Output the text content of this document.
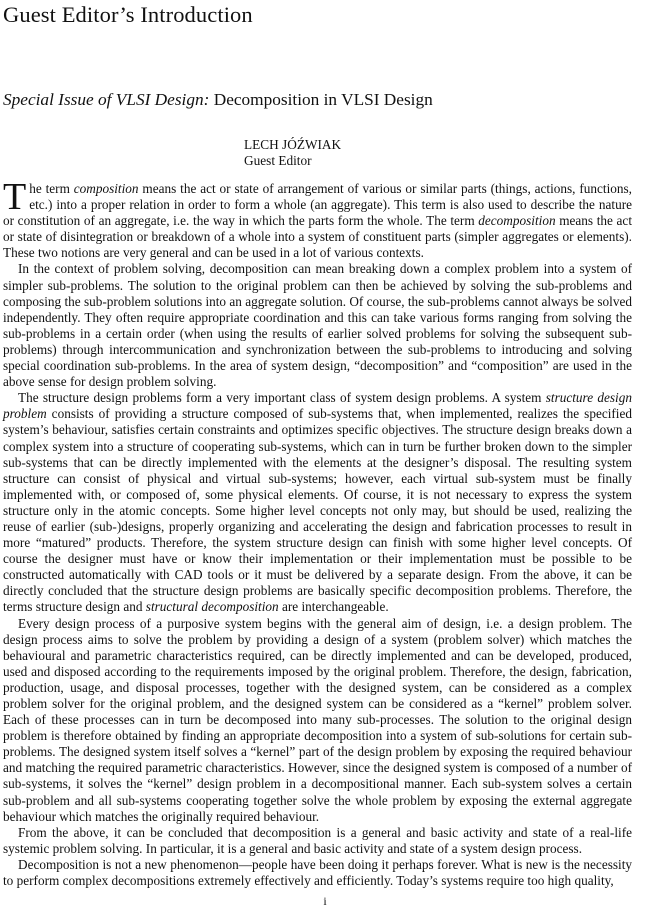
Guest Editor’s Introduction
Special Issue of VLSI Design: Decomposition in VLSI Design
LECH JÓŹWIAK
Guest Editor

The term composition means the act or state of arrangement of various or similar parts (things, actions, functions, etc.) into a proper relation in order to form a whole (an aggregate). This term is also used to describe the nature or constitution of an aggregate, i.e. the way in which the parts form the whole. The term decomposition means the act or state of disintegration or breakdown of a whole into a system of constituent parts (simpler aggregates or elements). These two notions are very general and can be used in a lot of various contexts.

In the context of problem solving, decomposition can mean breaking down a complex problem into a system of simpler sub-problems. The solution to the original problem can then be achieved by solving the sub-problems and composing the sub-problem solutions into an aggregate solution. Of course, the sub-problems cannot always be solved independently. They often require appropriate coordination and this can take various forms ranging from solving the sub-problems in a certain order (when using the results of earlier solved problems for solving the subsequent sub-problems) through intercommunication and synchronization between the sub-problems to introducing and solving special coordination sub-problems. In the area of system design, “decomposition” and “composition” are used in the above sense for design problem solving.

The structure design problems form a very important class of system design problems. A system structure design problem consists of providing a structure composed of sub-systems that, when implemented, realizes the specified system’s behaviour, satisfies certain constraints and optimizes specific objectives. The structure design breaks down a complex system into a structure of cooperating sub-systems, which can in turn be further broken down to the simpler sub-systems that can be directly implemented with the elements at the designer’s disposal. The resulting system structure can consist of physical and virtual sub-systems; however, each virtual sub-system must be finally implemented with, or composed of, some physical elements. Of course, it is not necessary to express the system structure only in the atomic concepts. Some higher level concepts not only may, but should be used, realizing the reuse of earlier (sub-)designs, properly organizing and accelerating the design and fabrication processes to result in more “matured” products. Therefore, the system structure design can finish with some higher level concepts. Of course the designer must have or know their implementation or their implementation must be possible to be constructed automatically with CAD tools or it must be delivered by a separate design. From the above, it can be directly concluded that the structure design problems are basically specific decomposition problems. Therefore, the terms structure design and structural decomposition are interchangeable.

Every design process of a purposive system begins with the general aim of design, i.e. a design problem. The design process aims to solve the problem by providing a design of a system (problem solver) which matches the behavioural and parametric characteristics required, can be directly implemented and can be developed, produced, used and disposed according to the requirements imposed by the original problem. Therefore, the design, fabrication, production, usage, and disposal processes, together with the designed system, can be considered as a complex problem solver for the original problem, and the designed system can be considered as a “kernel” problem solver. Each of these processes can in turn be decomposed into many sub-processes. The solution to the original design problem is therefore obtained by finding an appropriate decomposition into a system of sub-solutions for certain sub-problems. The designed system itself solves a “kernel” part of the design problem by exposing the required behaviour and matching the required parametric characteristics. However, since the designed system is composed of a number of sub-systems, it solves the “kernel” design problem in a decompositional manner. Each sub-system solves a certain sub-problem and all sub-systems cooperating together solve the whole problem by exposing the external aggregate behaviour which matches the originally required behaviour.

From the above, it can be concluded that decomposition is a general and basic activity and state of a real-life systemic problem solving. In particular, it is a general and basic activity and state of a system design process.

Decomposition is not a new phenomenon—people have been doing it perhaps forever. What is new is the necessity to perform complex decompositions extremely effectively and efficiently. Today’s systems require too high quality,

i
